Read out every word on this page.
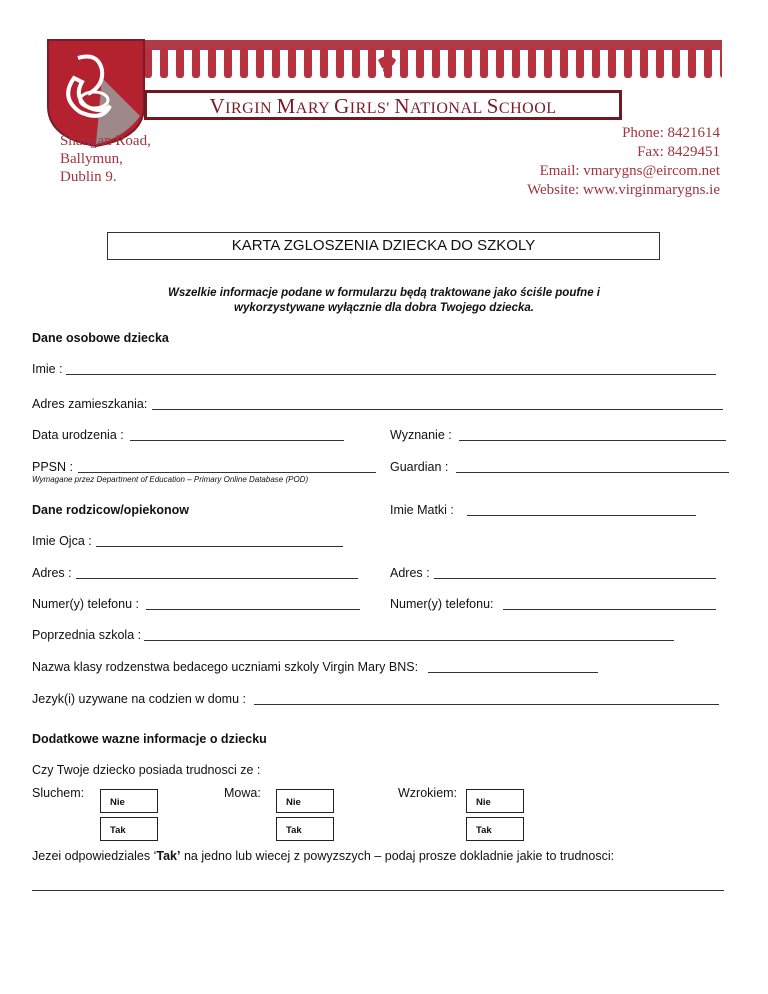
VIRGIN MARY GIRLS' NATIONAL SCHOOL
Shangan Road,
Ballymun,
Dublin 9.
Phone: 8421614
Fax: 8429451
Email: vmarygns@eircom.net
Website: www.virginmarygns.ie
KARTA ZGLOSZENIA DZIECKA DO SZKOLY
Wszelkie informacje podane w formularzu będą traktowane jako ściśle poufne i
wykorzystywane wyłącznie dla dobra Twojego dziecka.
Dane osobowe dziecka
Imie :
Adres zamieszkania:
Data urodzenia :	Wyznanie :
PPSN :	Guardian :
Wymagane przez Department of Education – Primary Online Database (POD)
Dane rodzicow/opiekonow	Imie Matki :
Imie Ojca :
Adres :	Adres :
Numer(y) telefonu :	Numer(y) telefonu:
Poprzednia szkola :
Nazwa klasy rodzenstwa bedacego uczniami szkoly Virgin Mary BNS:
Jezyk(i) uzywane na codzien w domu :
Dodatkowe wazne informacje o dziecku
Czy Twoje dziecko posiada trudnosci ze :
Sluchem:
Nie
Tak
Mowa:
Nie
Tak
Wzrokiem:
Nie
Tak
Jezei odpowiedziales ‘Tak’ na jedno lub wiecej z powyzszych – podaj prosze dokladnie jakie to trudnosci:
